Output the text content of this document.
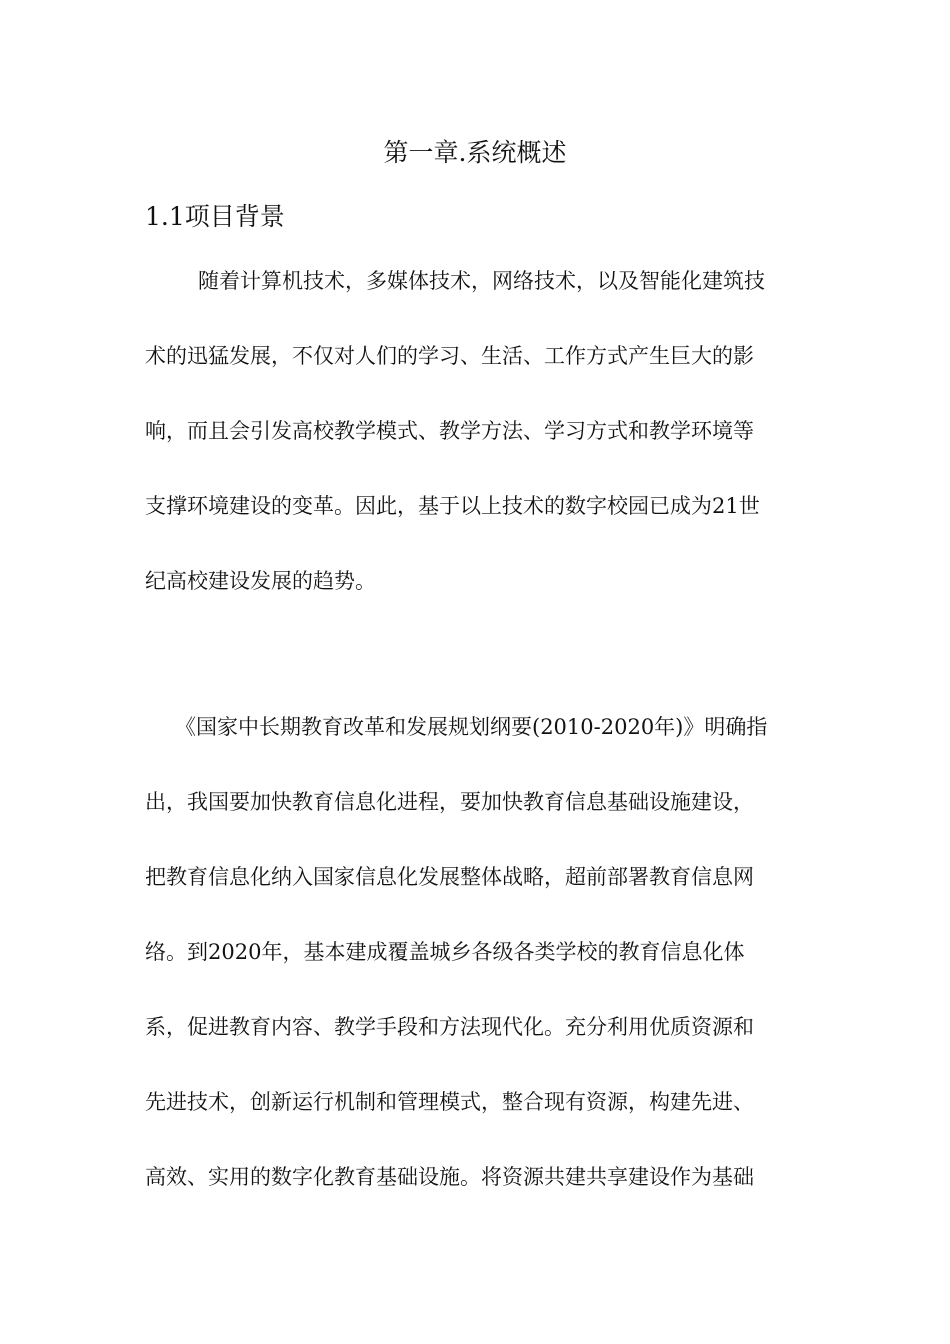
第一章.系统概述
1.1项目背景
随着计算机技术，多媒体技术，网络技术，以及智能化建筑技
术的迅猛发展，不仅对人们的学习、生活、工作方式产生巨大的影
响，而且会引发高校教学模式、教学方法、学习方式和教学环境等
支撑环境建设的变革。因此，基于以上技术的数字校园已成为21世
纪高校建设发展的趋势。
《国家中长期教育改革和发展规划纲要(2010-2020年)》明确指
出，我国要加快教育信息化进程，要加快教育信息基础设施建设，
把教育信息化纳入国家信息化发展整体战略，超前部署教育信息网
络。到2020年，基本建成覆盖城乡各级各类学校的教育信息化体
系，促进教育内容、教学手段和方法现代化。充分利用优质资源和
先进技术，创新运行机制和管理模式，整合现有资源，构建先进、
高效、实用的数字化教育基础设施。将资源共建共享建设作为基础
